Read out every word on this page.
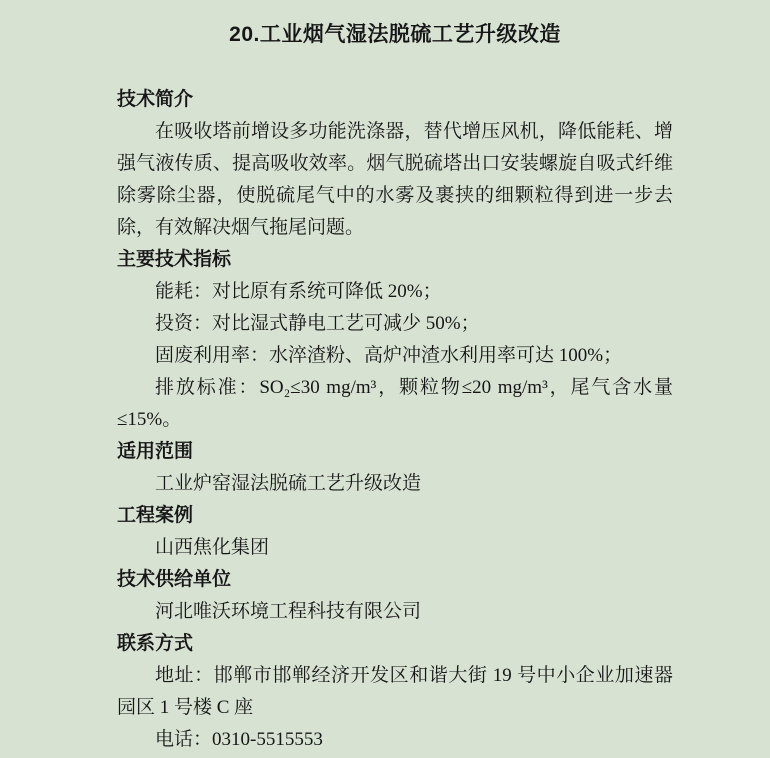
20.工业烟气湿法脱硫工艺升级改造
技术简介

在吸收塔前增设多功能洗涤器，替代增压风机，降低能耗、增强气液传质、提高吸收效率。烟气脱硫塔出口安装螺旋自吸式纤维除雾除尘器，使脱硫尾气中的水雾及裹挟的细颗粒得到进一步去除，有效解决烟气拖尾问题。

主要技术指标

能耗：对比原有系统可降低 20%；

投资：对比湿式静电工艺可减少 50%；

固废利用率：水淬渣粉、高炉冲渣水利用率可达 100%；

排放标准：SO₂≤30 mg/m³，颗粒物≤20 mg/m³，尾气含水量≤15%。

适用范围

工业炉窑湿法脱硫工艺升级改造

工程案例

山西焦化集团

技术供给单位

河北唯沃环境工程科技有限公司

联系方式

地址：邯郸市邯郸经济开发区和谐大街 19 号中小企业加速器园区 1 号楼 C 座

电话：0310-5515553
